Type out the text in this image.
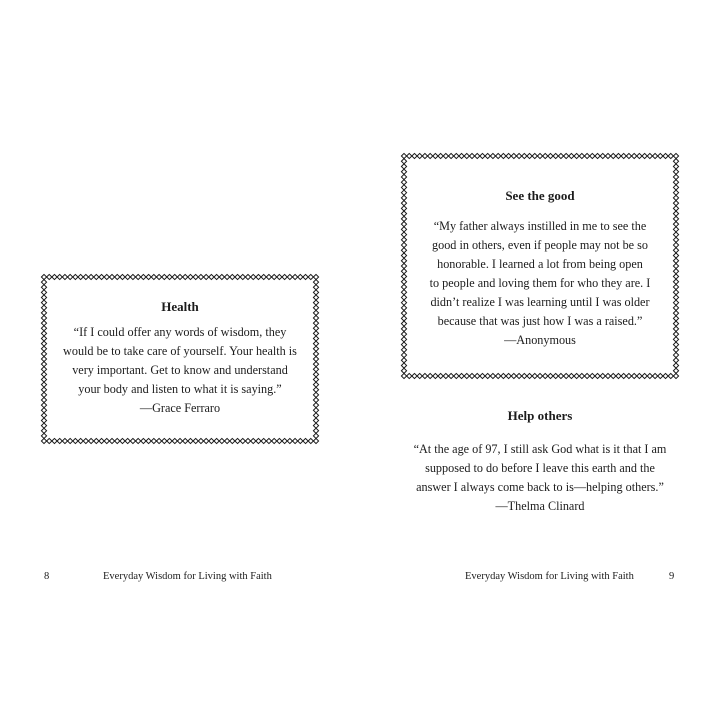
Health
“If I could offer any words of wisdom, they
would be to take care of yourself. Your health is
very important. Get to know and understand
your body and listen to what it is saying.”
—Grace Ferraro
8	Everyday Wisdom for Living with Faith
See the good
“My father always instilled in me to see the
good in others, even if people may not be so
honorable. I learned a lot from being open
to people and loving them for who they are. I
didn’t realize I was learning until I was older
because that was just how I was a raised.”
—Anonymous
Help others
“At the age of 97, I still ask God what is it that I am
supposed to do before I leave this earth and the
answer I always come back to is—helping others.”
—Thelma Clinard
Everyday Wisdom for Living with Faith	9
